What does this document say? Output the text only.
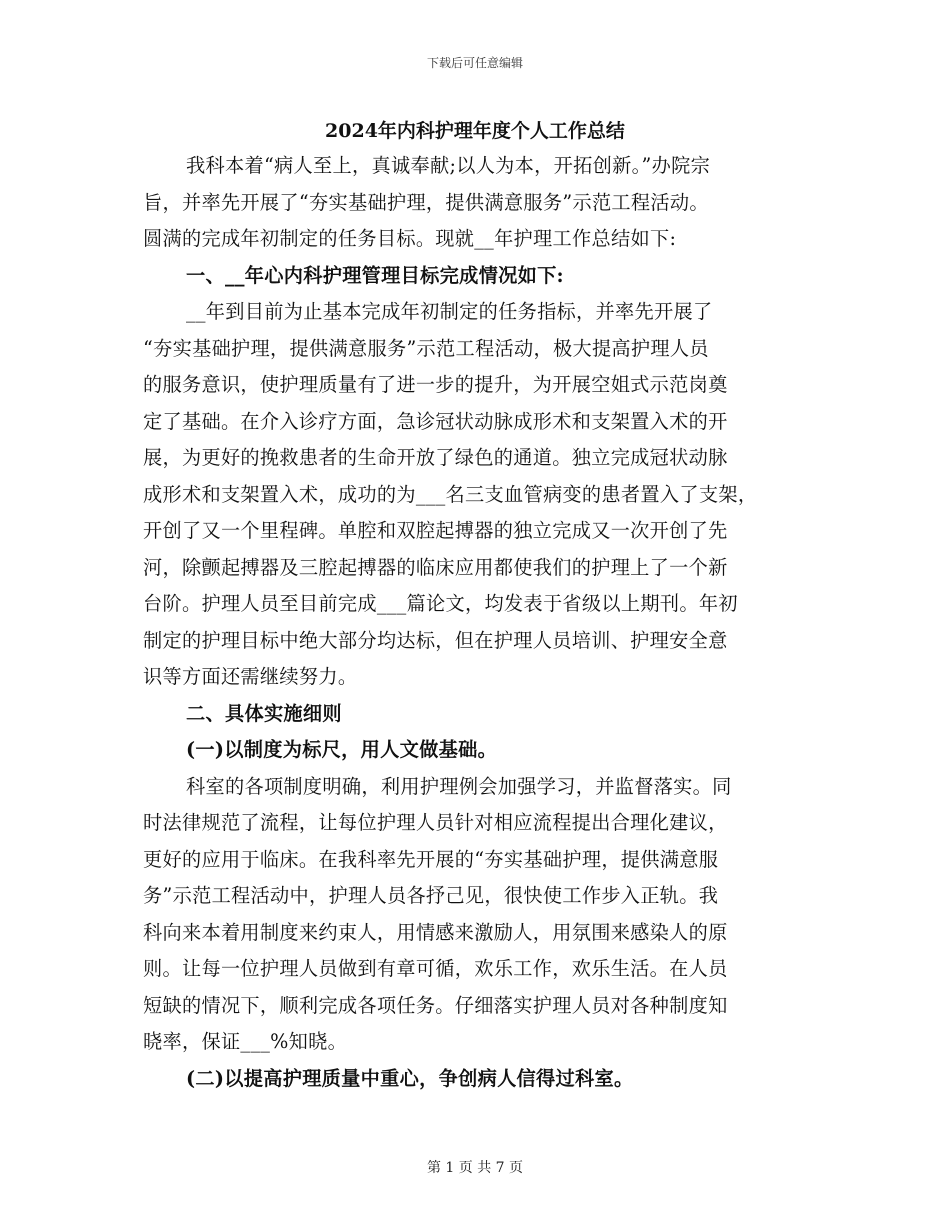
下载后可任意编辑
2024年内科护理年度个人工作总结
我科本着“病人至上，真诚奉献;以人为本，开拓创新。”办院宗
旨，并率先开展了“夯实基础护理，提供满意服务”示范工程活动。
圆满的完成年初制定的任务目标。现就__年护理工作总结如下:
一、__年心内科护理管理目标完成情况如下:
__年到目前为止基本完成年初制定的任务指标，并率先开展了
“夯实基础护理，提供满意服务”示范工程活动，极大提高护理人员
的服务意识，使护理质量有了进一步的提升，为开展空姐式示范岗奠
定了基础。在介入诊疗方面，急诊冠状动脉成形术和支架置入术的开
展，为更好的挽救患者的生命开放了绿色的通道。独立完成冠状动脉
成形术和支架置入术，成功的为___名三支血管病变的患者置入了支架，
开创了又一个里程碑。单腔和双腔起搏器的独立完成又一次开创了先
河，除颤起搏器及三腔起搏器的临床应用都使我们的护理上了一个新
台阶。护理人员至目前完成___篇论文，均发表于省级以上期刊。年初
制定的护理目标中绝大部分均达标，但在护理人员培训、护理安全意
识等方面还需继续努力。
二、具体实施细则
(一)以制度为标尺，用人文做基础。
科室的各项制度明确，利用护理例会加强学习，并监督落实。同
时法律规范了流程，让每位护理人员针对相应流程提出合理化建议，
更好的应用于临床。在我科率先开展的“夯实基础护理，提供满意服
务”示范工程活动中，护理人员各抒己见，很快使工作步入正轨。我
科向来本着用制度来约束人，用情感来激励人，用氛围来感染人的原
则。让每一位护理人员做到有章可循，欢乐工作，欢乐生活。在人员
短缺的情况下，顺利完成各项任务。仔细落实护理人员对各种制度知
晓率，保证___%知晓。
(二)以提高护理质量中重心，争创病人信得过科室。
第 1 页 共 7 页
